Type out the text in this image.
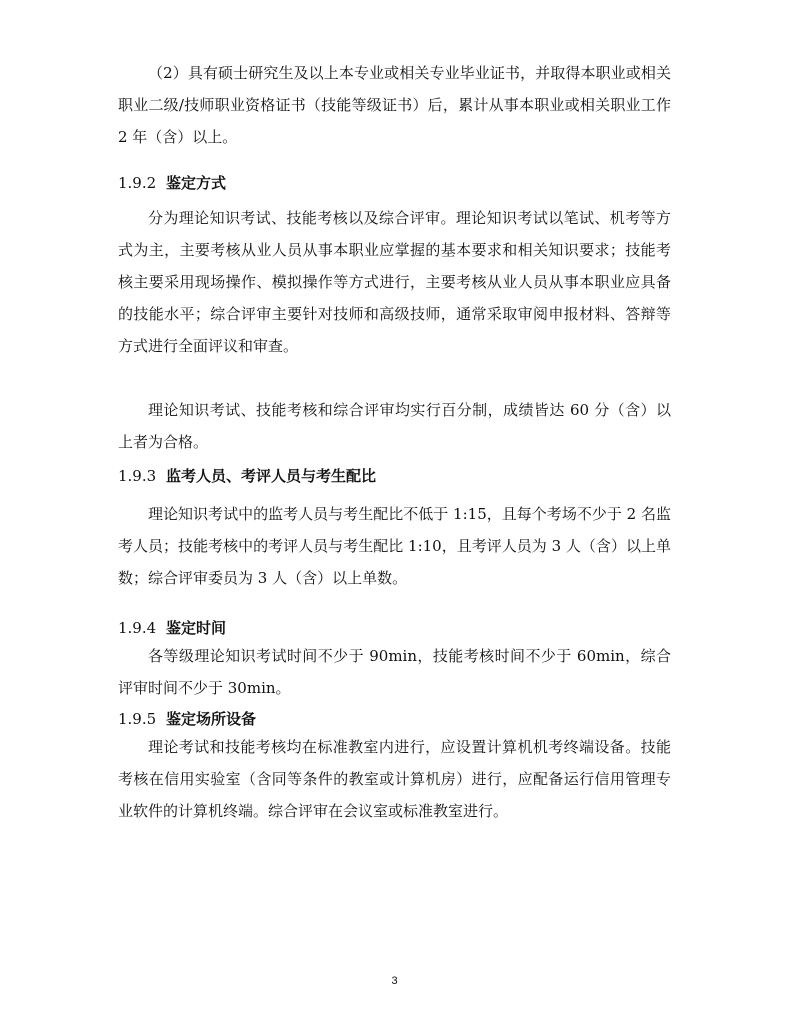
（2）具有硕士研究生及以上本专业或相关专业毕业证书，并取得本职业或相关职业二级/技师职业资格证书（技能等级证书）后，累计从事本职业或相关职业工作 2 年（含）以上。

1.9.2 鉴定方式

分为理论知识考试、技能考核以及综合评审。理论知识考试以笔试、机考等方式为主，主要考核从业人员从事本职业应掌握的基本要求和相关知识要求；技能考核主要采用现场操作、模拟操作等方式进行，主要考核从业人员从事本职业应具备的技能水平；综合评审主要针对技师和高级技师，通常采取审阅申报材料、答辩等方式进行全面评议和审查。

理论知识考试、技能考核和综合评审均实行百分制，成绩皆达 60 分（含）以上者为合格。

1.9.3 监考人员、考评人员与考生配比

理论知识考试中的监考人员与考生配比不低于 1:15，且每个考场不少于 2 名监考人员；技能考核中的考评人员与考生配比 1:10，且考评人员为 3 人（含）以上单数；综合评审委员为 3 人（含）以上单数。

1.9.4 鉴定时间

各等级理论知识考试时间不少于 90min，技能考核时间不少于 60min，综合评审时间不少于 30min。

1.9.5 鉴定场所设备

理论考试和技能考核均在标准教室内进行，应设置计算机机考终端设备。技能考核在信用实验室（含同等条件的教室或计算机房）进行，应配备运行信用管理专业软件的计算机终端。综合评审在会议室或标准教室进行。

3
